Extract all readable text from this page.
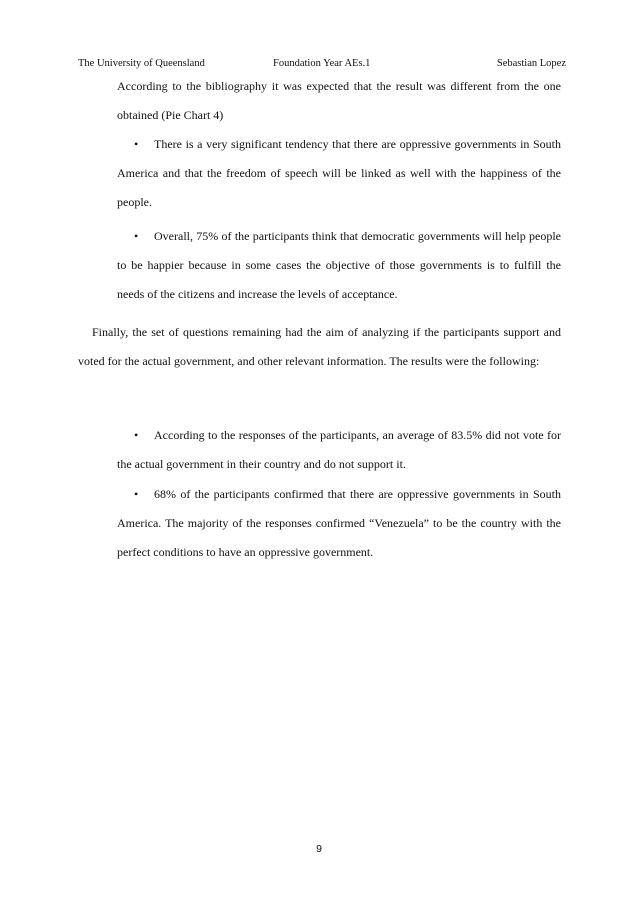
The University of Queensland	Foundation Year AEs.1	Sebastian Lopez
According to the bibliography it was expected that the result was different from the one obtained (Pie Chart 4)
• There is a very significant tendency that there are oppressive governments in South America and that the freedom of speech will be linked as well with the happiness of the people.
• Overall, 75% of the participants think that democratic governments will help people to be happier because in some cases the objective of those governments is to fulfill the needs of the citizens and increase the levels of acceptance.
Finally, the set of questions remaining had the aim of analyzing if the participants support and voted for the actual government, and other relevant information. The results were the following:
• According to the responses of the participants, an average of 83.5% did not vote for the actual government in their country and do not support it.
• 68% of the participants confirmed that there are oppressive governments in South America. The majority of the responses confirmed “Venezuela” to be the country with the perfect conditions to have an oppressive government.
9
